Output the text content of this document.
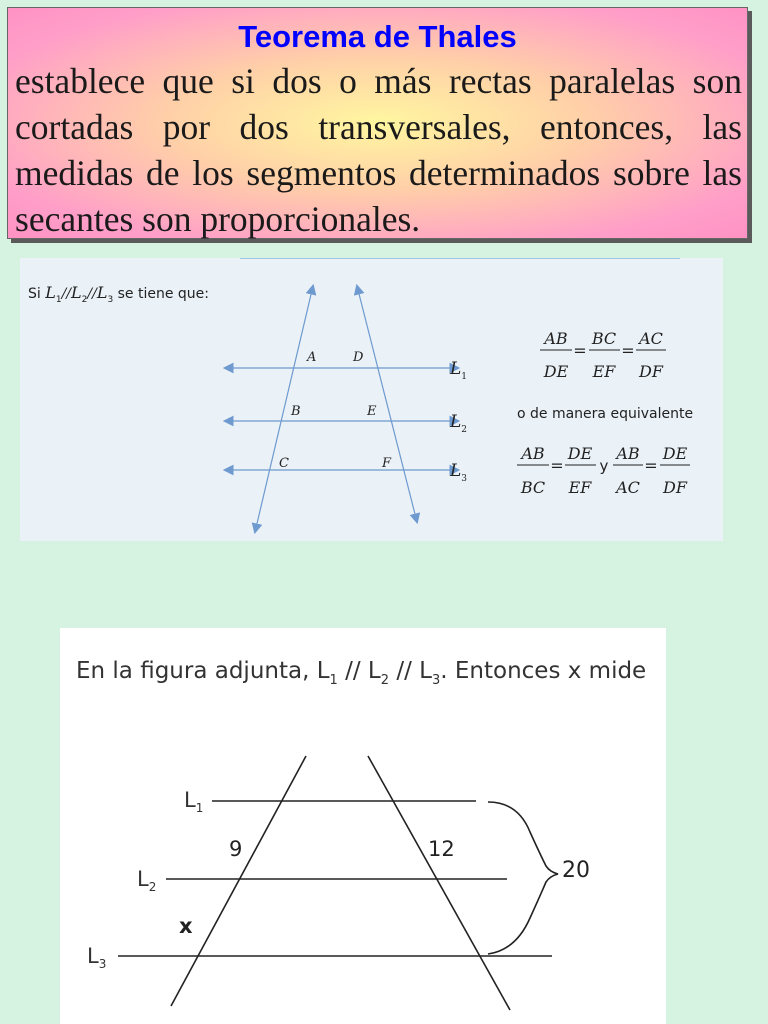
Teorema de Thales
establece que si dos o más rectas paralelas son cortadas por dos transversales, entonces, las medidas de los segmentos determinados sobre las secantes son proporcionales.
Si $L_1//L_2//L_3$ se tiene que:
A	D
B	E
C	F
$L_1$
$L_2$
$L_3$
AB
DE
=
BC
EF
=
AC
DF
o de manera equivalente
AB
BC
=
DE
EF
y
AB
AC
=
DE
DF
En la figura adjunta, $L_1 // L_2 // L_3$. Entonces x mide
$L_1$
$L_2$
$L_3$
9	12
x
20
